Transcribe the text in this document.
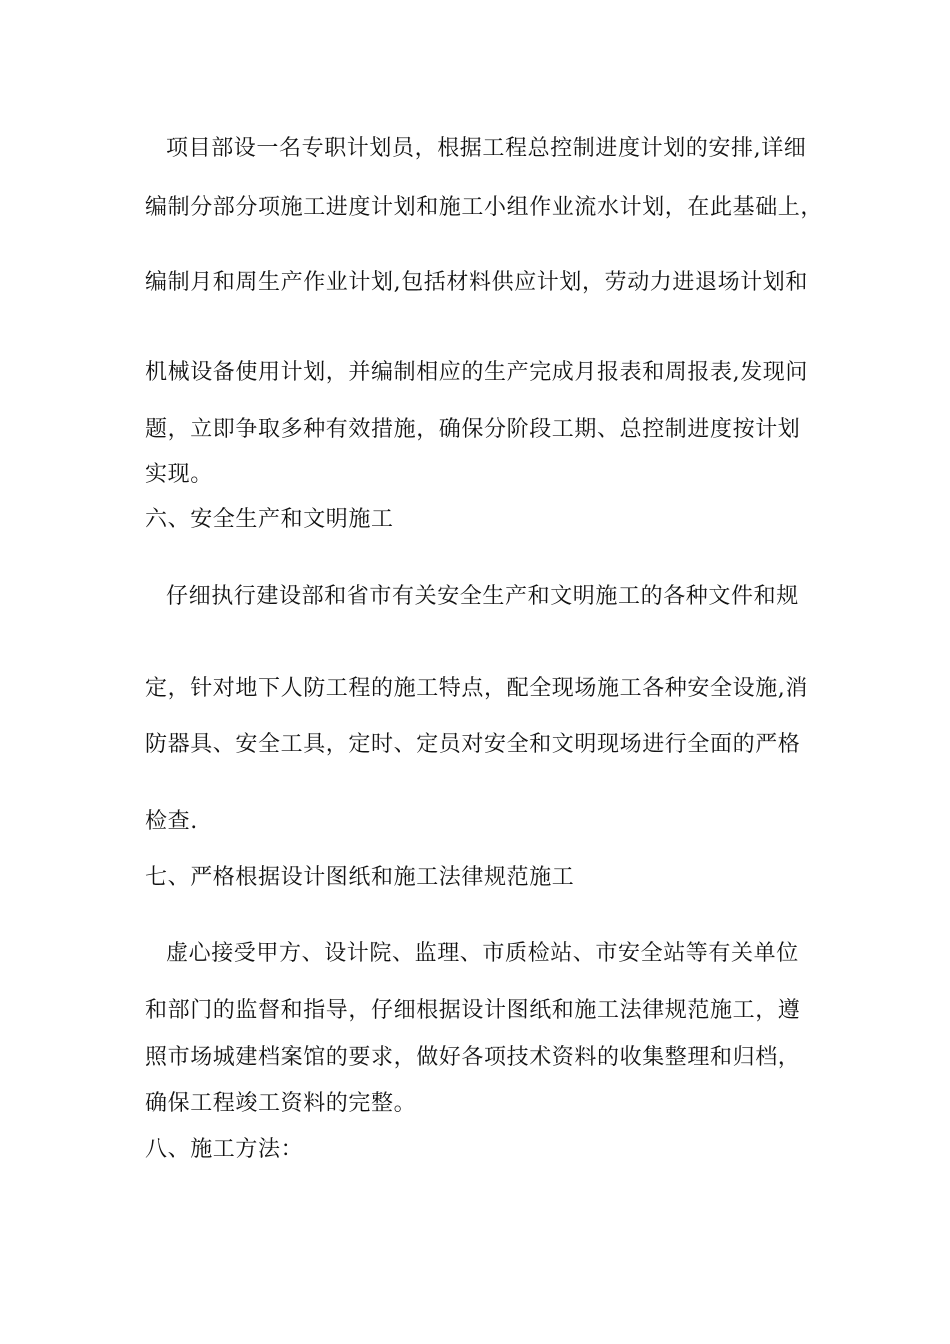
项目部设一名专职计划员，根据工程总控制进度计划的安排,详细
编制分部分项施工进度计划和施工小组作业流水计划，在此基础上，
编制月和周生产作业计划,包括材料供应计划，劳动力进退场计划和
机械设备使用计划，并编制相应的生产完成月报表和周报表,发现问
题，立即争取多种有效措施，确保分阶段工期、总控制进度按计划
实现。
六、安全生产和文明施工
仔细执行建设部和省市有关安全生产和文明施工的各种文件和规
定，针对地下人防工程的施工特点，配全现场施工各种安全设施,消
防器具、安全工具，定时、定员对安全和文明现场进行全面的严格
检查.
七、严格根据设计图纸和施工法律规范施工
虚心接受甲方、设计院、监理、市质检站、市安全站等有关单位
和部门的监督和指导，仔细根据设计图纸和施工法律规范施工，遵
照市场城建档案馆的要求，做好各项技术资料的收集整理和归档，
确保工程竣工资料的完整。
八、施工方法：
